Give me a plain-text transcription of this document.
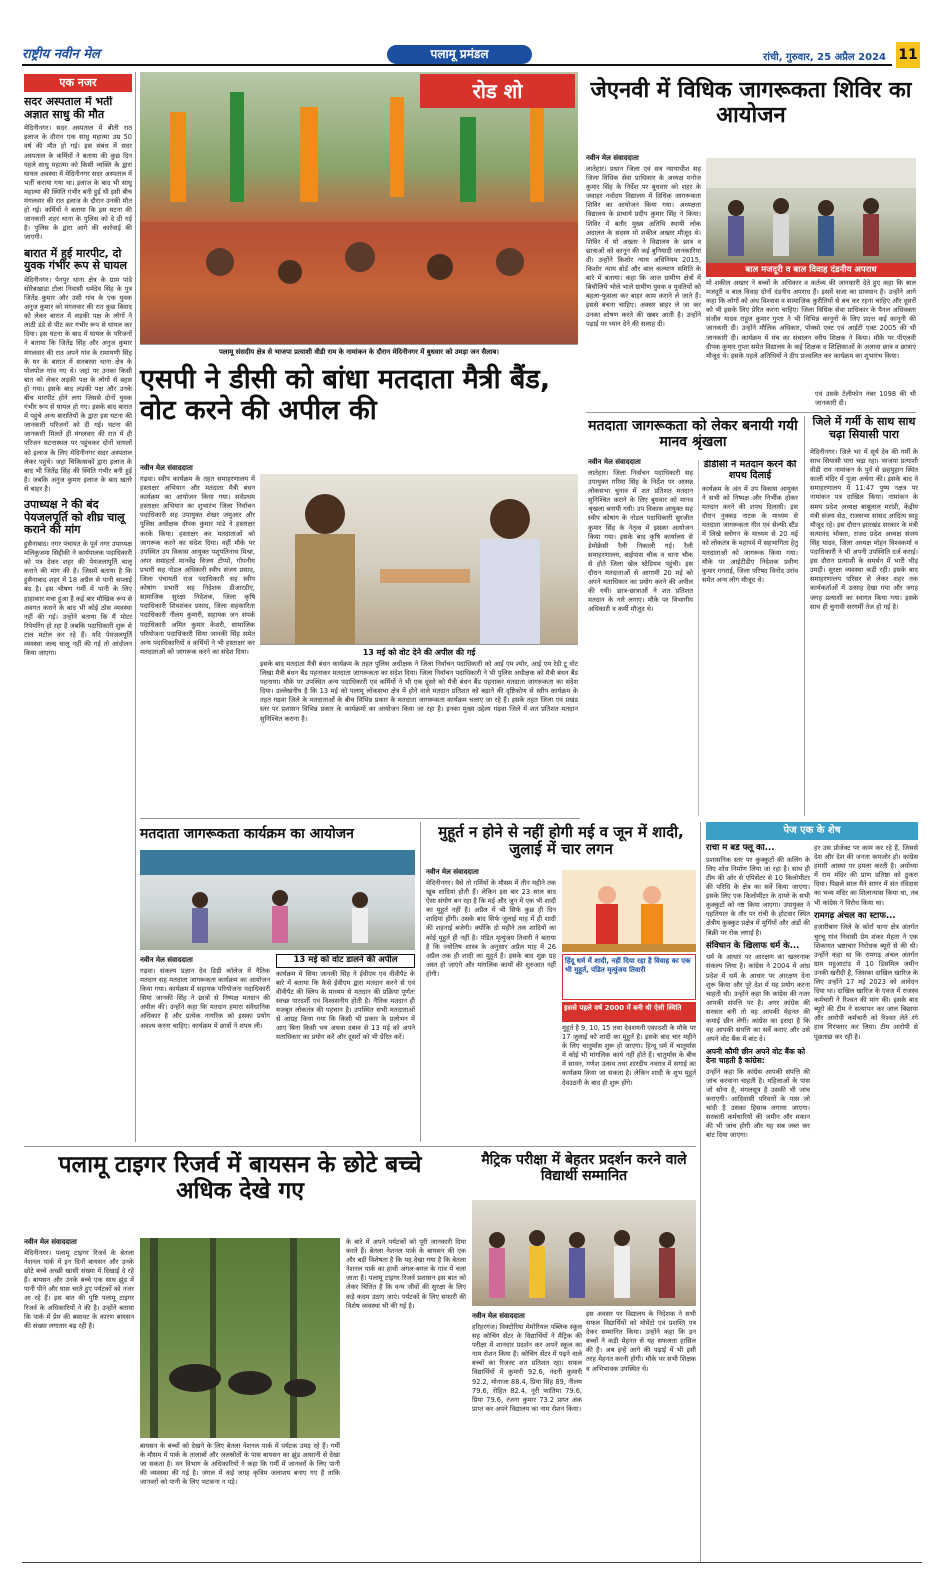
राष्ट्रीय नवीन मेल	पलामू प्रमंडल	रांची, गुरुवार, 25 अप्रैल 2024 11
एक नजर
सदर अस्पताल में भर्ती अज्ञात साधु की मौत
मेदिनीनगर। सदर अस्पताल में बीती रात इलाज के दौरान एक साधु महात्मा उम्र 50 वर्ष की मौत हो गई। इस संबंध में सदर अस्पताल के कर्मियों ने बताया की कुछ दिन पहले साधु महात्मा को किसी व्यक्ति के द्वारा घायल अवस्था में मेदिनीनगर सदर अस्पताल में भर्ती कराया गया था। इलाज के बाद भी साधु महात्मा की स्थिति गंभीर बनी हुई थी इसी बीच मंगलवार की रात इलाज के दौरान उनकी मौत हो गई। कर्मियों ने बताया कि इस घटना की जानकारी शहर थाना के पुलिस को दे दी गई है। पुलिस के द्वारा आगे की कार्रवाई की जाएगी।
बारात में हुई मारपीट, दो युवक गंभीर रूप से घायल
मेदिनीनगर। पेनपुर थाना क्षेत्र के ग्राम पांडे सोरेबखाडा टोला निवासी धर्मदेव सिंह के पुत्र जितेंद्र कुमार और उसी गांव के एक युवक अनुज कुमार को मंगलवार की रात कुछ बिवाद को लेकर बारात में लड़की पक्ष के लोगों ने लाठी डंडे से पीट कर गंभीर रूप से घायल कर दिया। इस घटना के बाद में घायल के परिजनों ने बताया कि जितेंद्र सिंह और अनुज कुमार मंगलवार की रात अपने गांव के रामायणी सिंह के घर के बारात में सतबरवा थाना क्षेत्र के पोलपोल गांव गए थे। जहां पर उनका किसी बात को लेकर लड़की पक्ष के लोगों से बहस हो गया। इसके बाद लड़की पक्ष और उनके बीच मारपीट होने लगा जिससे दोनों युवक गंभीर रूप से घायल हो गए। इसके बाद बारात में पहुंचे अन्य बारातियों के द्वारा इस घटना की जानकारी परिजनों को दी गई। घटना की जानकारी मिलते ही मंगलवार की रात में ही परिजन घटनास्थल पर पहुंचकर दोनों घायलों को इलाज के लिए मेदिनीनगर सदर अस्पताल लेकर पहुंचे। जहां चिकित्सकों द्वारा इलाज के बाद भी जितेंद्र सिंह की स्थिति गंभीर बनी हुई है। जबकि अनुज कुमार इलाज के बाद खतरे से बाहर है।
उपाध्यक्ष ने की बंद पेयजलपूर्ति को शीघ्र चालू कराने की मांग
हुसैनाबाद। नगर पंचायत के पूर्व नगर उपाध्यक्ष मलिकुजमा सिद्दीकी ने कार्यपालक पदाधिकारी को पत्र देकर शहर की पेयजलापूर्ति चालू कराने की मांग की है। जिसमें बताया है कि हुसैनाबाद शहर में 18 अप्रैल से पानी सप्लाई बंद है। इस भीषण गर्मी में पानी के लिए हाहाकार मचा हुआ है कई बार मौखिक रूप से अवगत कराने के बाद भी कोई ठोस व्यवस्था नहीं की गई। उन्होंने बताया कि मैं मोटर रिपेयरिंग हो रहा है जबकि पदाधिकारी शुरू से टाल मटोल कर रहे हैं। यदि पेयजलपूर्ति व्यवस्था जल्द चालू नहीं की गई तो आंदोलन किया जाएगा।
रोड शो
पलामू संसदीय क्षेत्र से भाजपा प्रत्याशी वीडी राम के नामांकन के दौरान मेदिनीनगर में बुधवार को उमड़ा जन सैलाब।
जेएनवी में विधिक जागरूकता शिविर का आयोजन
नवीन मेल संवाददाता
लातेहार। प्रधान जिला एवं सत्र न्यायाधीश सह जिला विधिक सेवा प्राधिकार के अध्यक्ष मनोज कुमार सिंह के निर्देश पर बुधवार को शहर के जवाहर नवोदय विद्यालय में विधिक जागरूकता शिविर का आयोजन किया गया। अध्यक्षता विद्यालय के प्राचार्य प्रदीप कुमार सिंह ने किया। शिविर में बतौर मुख्य अतिथि स्थायी लोक अदालत के सदस्य मो शकील अख्तर मौजूद थे। शिविर में मो अख्तर ने विद्यालय के छात्र व छात्राओं को कानून की कई बुनियादी जानकारियां दी। उन्होंने किशोर न्याय अधिनियम 2015, किशोर न्याय बोर्ड और बाल कल्याण समिति के बारे में बताया। कहा कि आज ग्रामीण क्षेत्रों में बिचौलिये भोले भाले ग्रामीण युवक व युवतियों को बहला-फुसला कर बाहर काम कराने ले जाते हैं। इससे बचना चाहिए। अक्सर बाहर ले जा कर उनका शोषण करते की खबर आती है। उन्होंने पढ़ाई पर ध्यान देने की सलाह दी।
बाल मजदूरी व बाल विवाह दंडनीय अपराध
मो शकील अख्तर ने बच्चों के अधिकार व कर्तव्य की जानकारी देते हुए कहा कि बाल मजदूरी व बाल विवाह दोनों दंडनीय अपराध हैं। इसमें सजा का प्रावधान है। उन्होंने आगे कहा कि लोगों को अंध विश्वास व सामाजिक कुरीतियों से बच कर रहना चाहिए और दूसरों को भी इसके लिए प्रेरित करना चाहिए। जिला विधिक सेवा प्राधिकार के पैनल अधिवक्ता संजीव यादव राहुल कुमार गुप्ता ने भी विभिन्न कानूनों के लिए प्रदत्त कई कानूनी की जानकारी दी। उन्होंने मौलिक अधिकार, पोक्सो एक्ट एवं आईटी एक्ट 2005 की भी जानकारी दी। कार्यक्रम में मंच का संचालन वरीय शिक्षक ने किया। मौके पर पीएलवी दीपक कुमार गुप्ता समेत विद्यालय के कई शिक्षक व शिक्षिकाओं के अलावा छात्र व छात्राएं मौजूद थे। इसके पहले अतिथियों ने दीप प्रज्वलित कर कार्यक्रम का शुभारंभ किया।
एवं उसके टेलीफोन नंबर 1098 की भी जानकारी दी।
एसपी ने डीसी को बांधा मतदाता मैत्री बैंड, वोट करने की अपील की
नवीन मेल संवाददाता
गढ़वा। स्वीप कार्यक्रम के तहत समाहरणालय में हस्ताक्षर अभियान और मतदाता मैत्री बंधन कार्यक्रम का आयोजन किया गया। सर्वप्रथम हस्ताक्षर अभियान का शुभारंभ जिला निर्वाचन पदाधिकारी सह उपायुक्त शेखर जमुआर और पुलिस अधीक्षक दीपक कुमार पांडे ने हस्ताक्षर करके किया। हस्ताक्षर कर मतदाताओं को जागरूक करने का संदेश दिया। वहीं मौके पर उपस्थित उप विकास आयुक्त पशुपतिनाथ मिश्रा, अपर समाहर्ता मानवेंद्र विजय टोप्पो, गोपनीय प्रभारी सह नोडल अधिकारी स्वीप संजय प्रसाद, जिला पंचायती राज पदाधिकारी सह स्वीप कोषांग प्रभारी सह निदेशक डीआरडीए, सामाजिक सुरक्षा निदेशक, जिला कृषि पदाधिकारी शिवशंकर प्रसाद, जिला सहकारिता पदाधिकारी नीलम कुमारी, सहायक जन संपर्क पदाधिकारी अमित कुमार केशरी, सामाजिक परियोजना पदाधिकारी सिया जानकी सिंह समेत अन्य पदाधिकारियों व कर्मियों ने भी हस्ताक्षर कर मतदाताओं को जागरूक करने का संदेश दिया।	13 मई को वोट देने की अपील की गई
इसके बाद मतदाता मैत्री बंधन कार्यक्रम के तहत पुलिस अधीक्षक ने जिला निर्वाचन पदाधिकारी को आई एम श्योर, आई एम रेडी टू वोट लिखा मैत्री बंधन बैंड पहनाकर मतदाता जागरूकता का संदेश दिया। जिला निर्वाचन पदाधिकारी ने भी पुलिस अधीक्षक को मैत्री बंधन बैंड पहनाया। मौके पर उपस्थित अन्य पदाधिकारी एवं कर्मियों ने भी एक दूसरे को मैत्री बंधन बैंड पहनाकर मतदाता जागरूकता का संदेश दिया। उल्लेखनीय है कि 13 मई को पलामू लोकसभा क्षेत्र में होने वाले मतदान प्रतिशत को बढ़ाने की दृष्टिकोण से स्वीप कार्यक्रम के तहत गढ़वा जिले के मतदाताओं के बीच विभिन्न प्रकार के मतदाता जागरूकता कार्यक्रम चलाए जा रहे हैं। इसके तहत जिला एवं प्रखंड स्तर पर प्रशासन विभिन्न प्रकार के कार्यक्रमों का आयोजन किया जा रहा है। इनका मुख्य उद्देश्य गढ़वा जिले में शत प्रतिशत मतदान सुनिश्चित कराना है।
मतदाता जागरूकता को लेकर बनायी गयी मानव श्रृंखला
नवीन मेल संवाददाता
लातेहार। जिला निर्वाचन पदाधिकारी सह उपायुक्त गरिमा सिंह के निर्देश पर आसन्न लोकसभा चुनाव में शत प्रतिशत मतदान सुनिश्चित कराने के लिए बुधवार को मानव श्रृंखला बनायी गयी। उप विकास आयुक्त सह स्वीप कोषांग के नोडल पदाधिकारी सुरजीत कुमार सिंह के नेतृत्व में इसका आयोजन किया गया। इसके बाद कृषि कार्यालय से डेमोक्रेसी रैली निकाली गई। रैली समाहरणालय, बाईपास चौक व थाना चौक से होते जिला खेल स्टेडियम पहुंची। इस दौरान मतदाताओं से आगामी 20 मई को अपने मताधिकार का प्रयोग करने की अपील की गयी। छात्र-छात्राओं ने शत प्रतिशत मतदान के नारे लगाए। मौके पर विभागीय अधिकारी व कर्मी मौजूद थे।
डीडीसी ने मतदान करने की शपथ दिलाई
कार्यक्रम के अंत में उप विकास आयुक्त ने सभी को निष्पक्ष और निर्भीक होकर मतदान करने की शपथ दिलायी। इस दौरान नुक्कड़ नाटक के माध्यम से मतदाता जागरूकता गीत एवं सेल्फी स्टैंड में लिखे स्लोगन के माध्यम से 20 मई को लोकतंत्र के महापर्व में सहभागिता हेतु मतदाताओं को जागरूक किया गया। मौके पर आईटीडीए निदेशक प्रवीण कुमार गगराई, जिला परिषद विनोद उरांव समेत अन्य लोग मौजूद थे।
जिले में गर्मी के साथ साथ चढ़ा सियासी पारा
मेदिनीनगर। जिले भर में सूर्य देव की गर्मी के साथ सियासी पारा चढ़ा रहा। भाजपा प्रत्याशी वीडी राम नामांकन के पूर्व से छहमुहान स्थित काली मंदिर में पूजा अर्चना की। इसके बाद वे समाहरणालय में 11:47 पुष्य नक्षत्र पर नामांकन पत्र दाखिल किया। नामांकन के समय प्रदेश अध्यक्ष बाबूलाल मरांडी, केंद्रीय मंत्री संजय सेठ, राजसभा सांसद आदित्य साहू मौजूद रहे। इस दौरान झारखंड सरकार के मंत्री सत्यानंद भोक्ता, राजद प्रदेश अध्यक्ष संजय सिंह यादव, जिला अध्यक्ष मोहन विश्वकर्मा व पदाधिकारी ने भी अपनी उपस्थिति दर्ज कराई। इस दौरान प्रत्याशी के समर्थन में भारी भीड़ उमड़ी। सुरक्षा व्यवस्था कड़ी रही। इसके बाद समाहरणालय परिसर से लेकर शहर तक कार्यकर्ताओं में उत्साह देखा गया और जगह जगह प्रत्याशी का स्वागत किया गया। इसके साथ ही चुनावी सरगर्मी तेज हो गई है।
मतदाता जागरूकता कार्यक्रम का आयोजन
नवीन मेल संवाददाता
गढ़वा। संकल्प प्रज्ञान देव डिग्री कॉलेज में नैतिक मतदान सह मतदाता जागरूकता कार्यक्रम का आयोजन किया गया। कार्यक्रम में सहायक परियोजना पदाधिकारी सिया जानकी सिंह ने छात्रों से निष्पक्ष मतदान की अपील की। उन्होंने कहा कि मतदान हमारा संवैधानिक अधिकार है और प्रत्येक नागरिक को इसका प्रयोग अवश्य करना चाहिए। कार्यक्रम में छात्रों ने शपथ ली।
13 मई को वोट डालने की अपील
कार्यक्रम में सिया जानकी सिंह ने ईवीएम एवं वीवीपैट के बारे में बताया कि कैसे ईवीएम द्वारा मतदान करने से एवं वीवीपैट की स्लिप के माध्यम से मतदान की प्रक्रिया पूर्णतः स्वच्छ पारदर्शी एवं विश्वसनीय होती है। नैतिक मतदान ही मजबूत लोकतंत्र की पहचान है। उपस्थित सभी मतदाताओं से आग्रह किया गया कि किसी भी प्रकार के प्रलोभन में आए बिना किसी भय अथवा दबाव से 13 मई को अपने मताधिकार का प्रयोग करें और दूसरों को भी प्रेरित करें।
मुहूर्त न होने से नहीं होगी मई व जून में शादी, जुलाई में चार लगन
नवीन मेल संवाददाता
मेदिनीनगर। वैसे तो गर्मियों के मौसम में तीन महीने तक खूब शादियां होती हैं। लेकिन इस बार 23 साल बाद ऐसा संयोग बन रहा है कि मई और जून में एक भी शादी का मुहूर्त नहीं है। अप्रैल में भी सिर्फ कुछ ही दिन शादियां होंगी। उसके बाद सिर्फ जुलाई माह में ही शादी की शहनाई बजेगी। क्योंकि दो महीने तक शादियों का कोई मुहूर्त ही नहीं है। पंडित मृत्युंजय तिवारी ने बताया है कि ज्योतिष शास्त्र के अनुसार अप्रैल माह में 26 अप्रैल तक ही शादी का मुहूर्त है। इसके बाद शुक्र ग्रह अस्त हो जाएंगे और मांगलिक कार्यों की शुरुआत नहीं होगी।
हिंदू धर्म में शादी, नहीं दिया रहा है विवाह का एक भी मुहूर्त, पंडित मृत्युंजय तिवारी
इससे पहले वर्ष 2000 में बनी थी ऐसी स्थिति
मुहूर्त है 9, 10, 15 तथा देवशयनी एकादशी के मौके पर 17 जुलाई को शादी का मुहूर्त है। इसके बाद चार महीने के लिए चातुर्मास शुरू हो जाएगा। हिन्दू धर्म में चातुर्मास में कोई भी मांगलिक कार्य नहीं होते हैं। चातुर्मास के बीच में सावन, गणेश उत्सव तथा शारदीय नवरात्र में सगाई का कार्यक्रम किया जा सकता है। लेकिन शादी के शुभ मुहूर्त देवउठनी के बाद ही शुरू होंगे।
पेज एक के शेष
रांची में बर्ड फ्लू की...
प्रशासनिक स्तर पर कुक्कुटों की कलिंग के लिए शोध निर्माण लिया जा रहा है। साथ ही टीम की ओर से एपिसेंटर से 10 किलोमीटर की परिधि के क्षेत्र का सर्वे किया जाएगा। इसके लिए एक किलोमीटर के दायरे के सभी कुक्कुटों को नष्ट किया जाएगा। उपायुक्त ने एहतियात के तौर पर रांची के होटवार स्थित क्षेत्रीय कुक्कुट प्रक्षेत्र में मुर्गियों और अंडों की बिक्री पर रोक लगाई है।
संविधान के खिलाफ धर्म के...
धर्म के आधार पर आरक्षण का खतरनाक संकल्प लिया है। कांग्रेस ने 2004 में आंध्र प्रदेश में धर्म के आधार पर आरक्षण देना शुरू किया और पूरे देश में यह प्रयोग करना चाहती थी। उन्होंने कहा कि कांग्रेस की नजर आपकी संपत्ति पर है। अगर कांग्रेस की सरकार बनी तो वह आपकी मेहनत की कमाई छीन लेगी। कांग्रेस का इरादा है कि वह आपकी संपत्ति का सर्वे कराए और उसे अपने वोट बैंक में बांट दे।
अपनी कौमी छीन अपने वोट बैंक को देना चाहती है कांग्रेस:
उन्होंने कहा कि कांग्रेस आपकी संपत्ति की जांच करवाना चाहती है। महिलाओं के पास जो सोना है, मंगलसूत्र है उसकी भी जांच कराएगी। आदिवासी परिवारों के पास जो चांदी है उसका हिसाब लगाया जाएगा। सरकारी कर्मचारियों की जमीन और मकान की भी जांच होगी और यह सब जब्त कर बांट दिया जाएगा।
हर उस प्रोजेक्ट पर काम कर रहे हैं, जिससे देश और देश की जनता कमजोर हो। कांग्रेस हमारी आस्था पर हमला करती है। अयोध्या में राम मंदिर की प्राण प्रतिष्ठा को ठुकरा दिया। पिछले साल मैंने सागर में संत रविदास का भव्य मंदिर का शिलान्यास किया था, तब भी कांग्रेस ने विरोध किया था।
रामगढ़ अंचल का स्टाफ...
हजारीबाग जिले के कोर्रा थाना क्षेत्र अंतर्गत चुरचू गांव निवासी प्रेम शंकर मेहता ने एक शिकायत भ्रष्टाचार निरोधक ब्यूरो से की थी। उन्होंने कहा था कि रामगढ़ अंचल अंतर्गत ग्राम महुआटांड़ में 10 डिसमिल जमीन उनकी खरीदी है, जिसका दाखिल खारिज के लिए उन्होंने 17 मई 2023 को आवेदन दिया था। दाखिल खारिज के एवज में राजस्व कर्मचारी ने रिश्वत की मांग की। इसके बाद ब्यूरो की टीम ने सत्यापन कर जाल बिछाया और आरोपी कर्मचारी को रिश्वत लेते रंगे हाथ गिरफ्तार कर लिया। टीम आरोपी से पूछताछ कर रही है।
पलामू टाइगर रिजर्व में बायसन के छोटे बच्चे अधिक देखे गए
नवीन मेल संवाददाता
मेदिनीनगर। पलामू टाइगर रिजर्व के बेतला नेशनल पार्क में इन दिनों बायसन और उनके छोटे बच्चे अच्छी खासी संख्या में दिखाई दे रहे हैं। बायसन और उनके बच्चे एक साथ झुंड में पानी पीने और घास चरते हुए पर्यटकों को नजर आ रहे हैं। इस बात की पुष्टि पलामू टाइगर रिजर्व के अधिकारियों ने की है। उन्होंने बताया कि पार्क में प्रेम की बसावट के कारण बायसन की संख्या लगातार बढ़ रही है।
बायसन के बच्चों को देखने के लिए बेतला नेशनल पार्क में पर्यटक उमड़ रहे हैं। गर्मी के मौसम में पार्क के तालाबों और जलस्रोतों के पास बायसन का झुंड आसानी से देखा जा सकता है। वन विभाग के अधिकारियों ने कहा कि गर्मी में जानवरों के लिए पानी की व्यवस्था की गई है। जंगल में कई जगह कृत्रिम जलाशय बनाए गए हैं ताकि जानवरों को पानी के लिए भटकना न पड़े।
के बारे में अपने पर्यटकों को पूरी जानकारी दिया करते हैं। बेतला नेशनल पार्क के बायसन की एक और बड़ी विशेषता है कि यह देखा गया है कि बेतला नेशनल पार्क का हाथी अंगल-बगल के गांव में चला जाता है। पलामू टाइगर रिजर्व प्रशासन इस बात को लेकर चिंतित है कि वन्य जीवों की सुरक्षा के लिए कड़े कदम उठाए जाएं। पर्यटकों के लिए सफारी की विशेष व्यवस्था भी की गई है।
मैट्रिक परीक्षा में बेहतर प्रदर्शन करने वाले विद्यार्थी सम्मानित
नवीन मेल संवाददाता
हरिहरगंज। विक्टोरिया मेमोरियल पब्लिक स्कूल सह कोचिंग सेंटर के विद्यार्थियों ने मैट्रिक की परीक्षा में शानदार प्रदर्शन कर अपने स्कूल का नाम रोशन किया है। कोचिंग सेंटर में पढ़ने वाले बच्चों का रिजल्ट शत प्रतिशत रहा। सफल विद्यार्थियों में कुमारी 92.6, नंदनी कुमारी 92.2, मोनाजा 88.4, प्रिया सिंह 89, नीलम 79.6, रोहित 82.4, नूरी फातिमा 79.6, प्रिया 79.6, रंजना कुमार 73.2 प्राप्त अंक प्राप्त कर अपने विद्यालय का नाम रोशन किया।
इस अवसर पर विद्यालय के निदेशक ने सभी सफल विद्यार्थियों को मोमेंटो एवं प्रशस्ति पत्र देकर सम्मानित किया। उन्होंने कहा कि इन बच्चों ने कड़ी मेहनत से यह सफलता हासिल की है। अब इन्हें आगे की पढ़ाई में भी इसी तरह मेहनत करनी होगी। मौके पर सभी शिक्षक व अभिभावक उपस्थित थे।
